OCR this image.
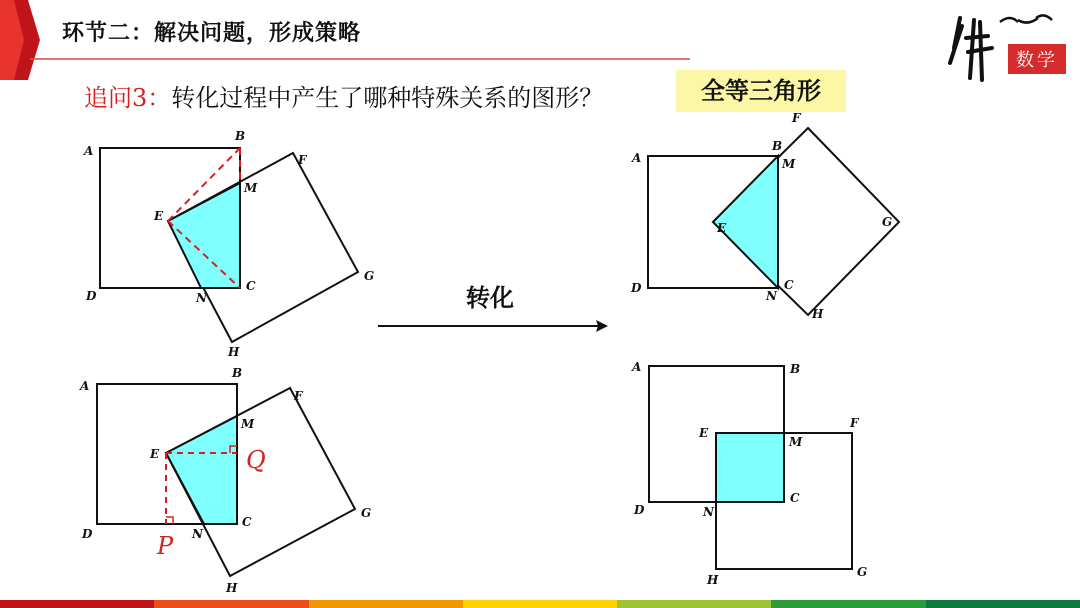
环节二：解决问题，形成策略
数学
追问3：转化过程中产生了哪种特殊关系的图形？	全等三角形
A
B
C
D
E
F
G
H
M
N
A
B
C
D
E
F
G
H
M
N
Q
P
转化
A
B
C
D
E
F
G
H
M
N
A	B
C
D
E
F
G
H
M
N
